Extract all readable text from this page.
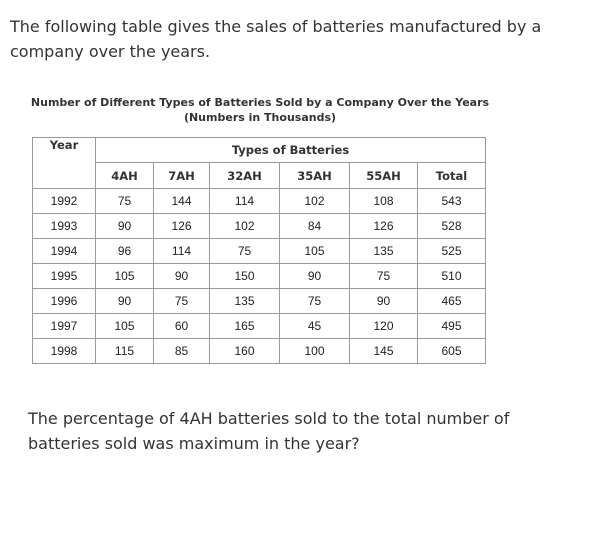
The following table gives the sales of batteries manufactured by a company over the years.
Number of Different Types of Batteries Sold by a Company Over the Years
(Numbers in Thousands)
Year	Types of Batteries					
	4AH	7AH	32AH	35AH	55AH	Total
1992	75	144	114	102	108	543
1993	90	126	102	84	126	528
1994	96	114	75	105	135	525
1995	105	90	150	90	75	510
1996	90	75	135	75	90	465
1997	105	60	165	45	120	495
1998	115	85	160	100	145	605
The percentage of 4AH batteries sold to the total number of batteries sold was maximum in the year?
